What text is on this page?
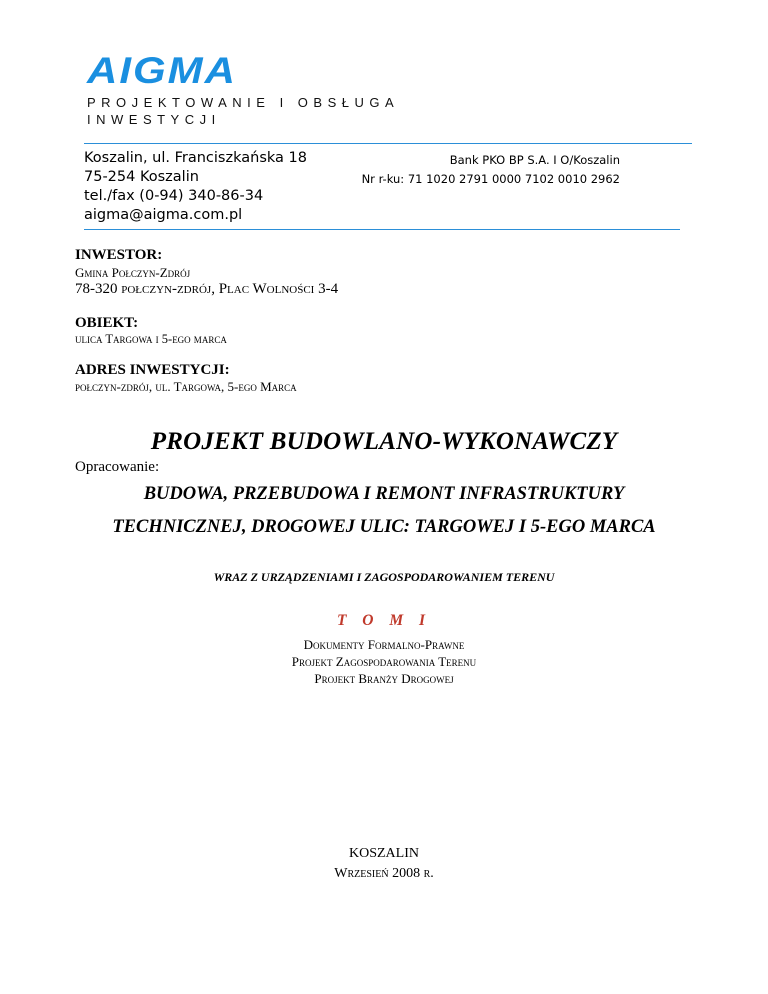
AIGMA
PROJEKTOWANIE I OBSŁUGA
INWESTYCJI
Koszalin, ul. Franciszkańska 18
75-254 Koszalin
tel./fax (0-94) 340-86-34
aigma@aigma.com.pl
Bank PKO BP S.A. I O/Koszalin
Nr r-ku: 71 1020 2791 0000 7102 0010 2962
INWESTOR:
Gmina Połczyn-Zdrój
78-320 połczyn-zdrój, Plac Wolności 3-4
OBIEKT:
ulica Targowa i 5-ego marca
ADRES INWESTYCJI:
połczyn-zdrój, ul. Targowa, 5-ego Marca
PROJEKT BUDOWLANO-WYKONAWCZY
Opracowanie:
BUDOWA, PRZEBUDOWA I REMONT INFRASTRUKTURY
TECHNICZNEJ, DROGOWEJ ULIC: TARGOWEJ I 5-EGO MARCA
WRAZ Z URZĄDZENIAMI I ZAGOSPODAROWANIEM TERENU
T O M I
Dokumenty Formalno-Prawne
Projekt Zagospodarowania Terenu
Projekt Branży Drogowej
KOSZALIN
Wrzesień 2008 r.
